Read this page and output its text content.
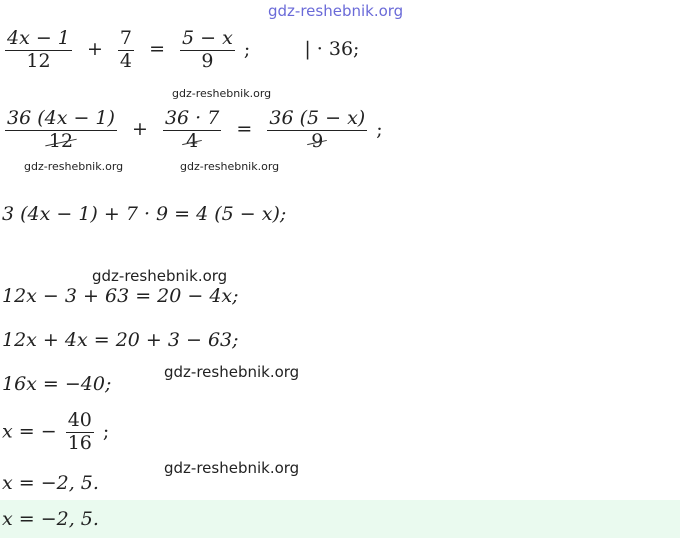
gdz-reshebnik.org
$\frac{4x - 1}{12} + \frac{7}{4} = \frac{5 - x}{9}$ ;	| · 36;
gdz-reshebnik.org
$\frac{36 (4x - 1)}{12} + \frac{36 \cdot 7}{4} = \frac{36 (5 - x)}{9}$ ;
gdz-reshebnik.org	gdz-reshebnik.org
3 (4x − 1) + 7 · 9 = 4 (5 − x);
12x − 3 + 63 = 20 − 4x;
gdz-reshebnik.org
12x + 4x = 20 + 3 − 63;
16x = −40;
gdz-reshebnik.org
x = − $\frac{40}{16}$ ;
x = −2, 5.
gdz-reshebnik.org
x = −2, 5.
